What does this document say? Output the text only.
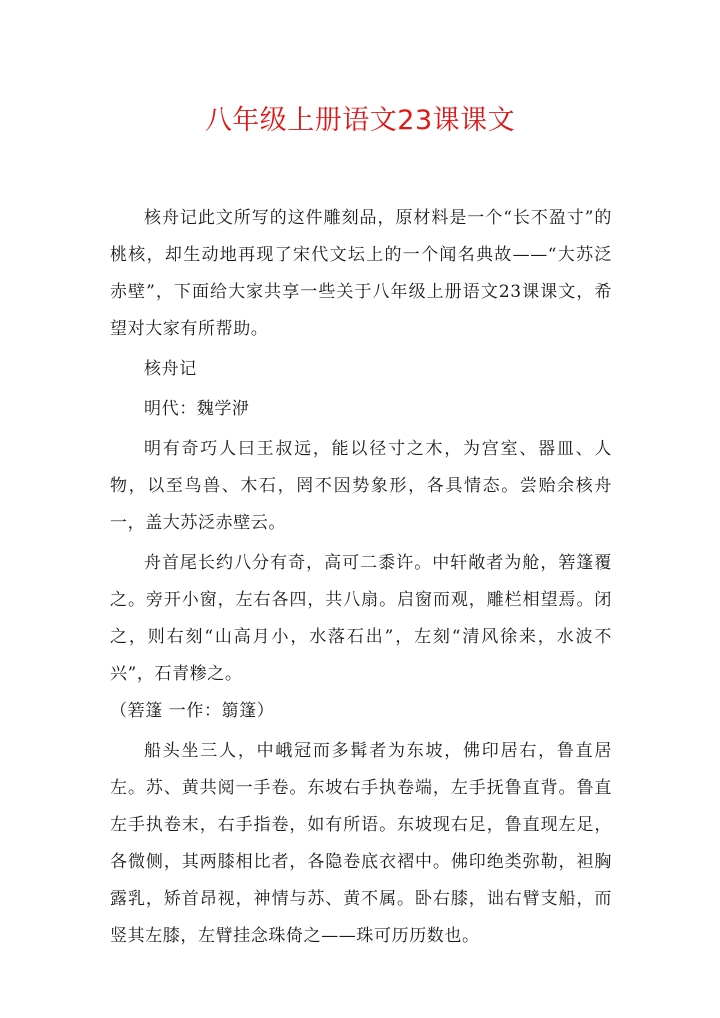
八年级上册语文23课课文

核舟记此文所写的这件雕刻品，原材料是一个“长不盈寸”的桃核，却生动地再现了宋代文坛上的一个闻名典故——“大苏泛赤壁”，下面给大家共享一些关于八年级上册语文23课课文，希望对大家有所帮助。

核舟记

明代：魏学洢

明有奇巧人曰王叔远，能以径寸之木，为宫室、器皿、人物，以至鸟兽、木石，罔不因势象形，各具情态。尝贻余核舟一，盖大苏泛赤壁云。

舟首尾长约八分有奇，高可二黍许。中轩敞者为舱，箬篷覆之。旁开小窗，左右各四，共八扇。启窗而观，雕栏相望焉。闭之，则右刻“山高月小，水落石出”，左刻“清风徐来，水波不兴”，石青糁之。

（箬篷 一作：篛篷）

船头坐三人，中峨冠而多髯者为东坡，佛印居右，鲁直居左。苏、黄共阅一手卷。东坡右手执卷端，左手抚鲁直背。鲁直左手执卷末，右手指卷，如有所语。东坡现右足，鲁直现左足，各微侧，其两膝相比者，各隐卷底衣褶中。佛印绝类弥勒，袒胸露乳，矫首昂视，神情与苏、黄不属。卧右膝，诎右臂支船，而竖其左膝，左臂挂念珠倚之——珠可历历数也。
